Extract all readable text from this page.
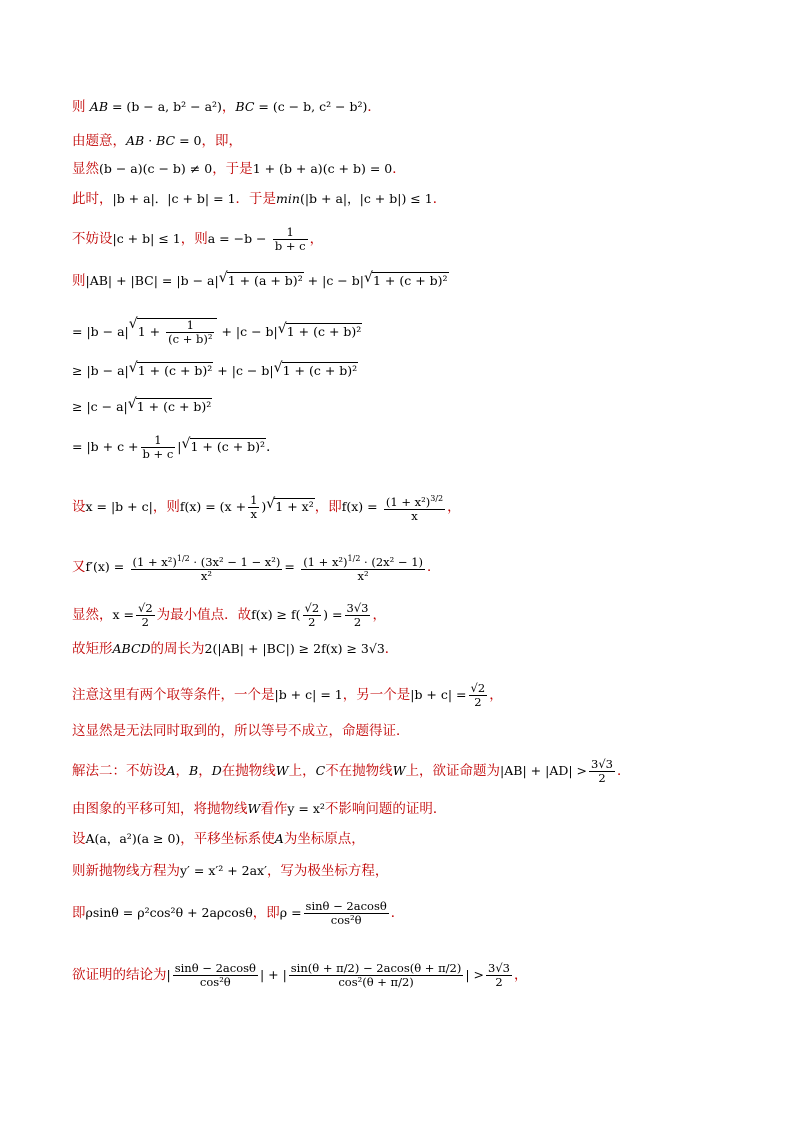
则 AB = (b − a, b² − a²)，BC = (c − b, c² − b²)．
由题意，AB · BC = 0，即，
显然(b − a)(c − b) ≠ 0，于是1 + (b + a)(c + b) = 0．
此时，|b + a|．|c + b| = 1．于是min(|b + a|，|c + b|) ≤ 1．
不妨设|c + b| ≤ 1，则$a = -b - \frac{1}{b + c}$ ，
则|AB| + |BC| = |b − a| √ 1 + (a + b)² + |c − b| √ 1 + (c + b)²
= |b − a| √ $1 + \frac{1}{\text{(c + b)²}} + |c - b|$ √ 1 + (c + b)²
≥ |b − a| √ 1 + (c + b)² + |c − b| √ 1 + (c + b)²
≥ |c − a| √ 1 + (c + b)²
= $|b + c + \frac{1}{b + c}$ | √ 1 + (c + b)²．
设x = |b + c|，则$f(x) = (x + \frac{1}{x}$ ) √ 1 + x²，即$f(x) = \frac{(1 + x^2)^{3/2}}{x}$ ，
又$f'(x) = \frac{(1 + x^2)^{1/2} \cdot (3x^2 - 1 - x^2)}{\text{x²}} = \frac{(1 + x^2)^{1/2} \cdot (2x^2 - 1)}{\text{x²}}$ ．
显然，$x = \frac{√2}{2}$ 为最小值点．故$f(x) \ge f( \frac{√2}{2}$ ) = $\frac{3√3}{2}$ ，
故矩形ABCD的周长为2(|AB| + |BC|) ≥ 2f(x) ≥ 3√3．
注意这里有两个取等条件，一个是|b + c| = 1，另一个是$|b + c| = \frac{√2}{2}$ ，
这显然是无法同时取到的，所以等号不成立，命题得证．
解法二：不妨设A，B，D在抛物线W上，C不在抛物线W上，欲证命题为$|AB| + |AD| > \frac{3√3}{2}$ ．
由图象的平移可知，将抛物线W看作y = x²不影响问题的证明．
设A(a，a²)(a ≥ 0)，平移坐标系使A为坐标原点，
则新抛物线方程为y′ = x′² + 2ax′，写为极坐标方程，
即ρsinθ = ρ²cos²θ + 2aρcosθ，即$\rho = \frac{\sin\theta - 2acos\theta}{\text{cos²θ}}$ ．
欲证明的结论为| $\frac{\sin\theta - 2acos\theta}{\text{cos²θ}}$ | + | $\frac{\sin(\theta + \pi/2) - 2acos(\theta + \pi/2)}{\text{cos²(θ + π/2)}}$ | > $\frac{3√3}{2}$ ，
